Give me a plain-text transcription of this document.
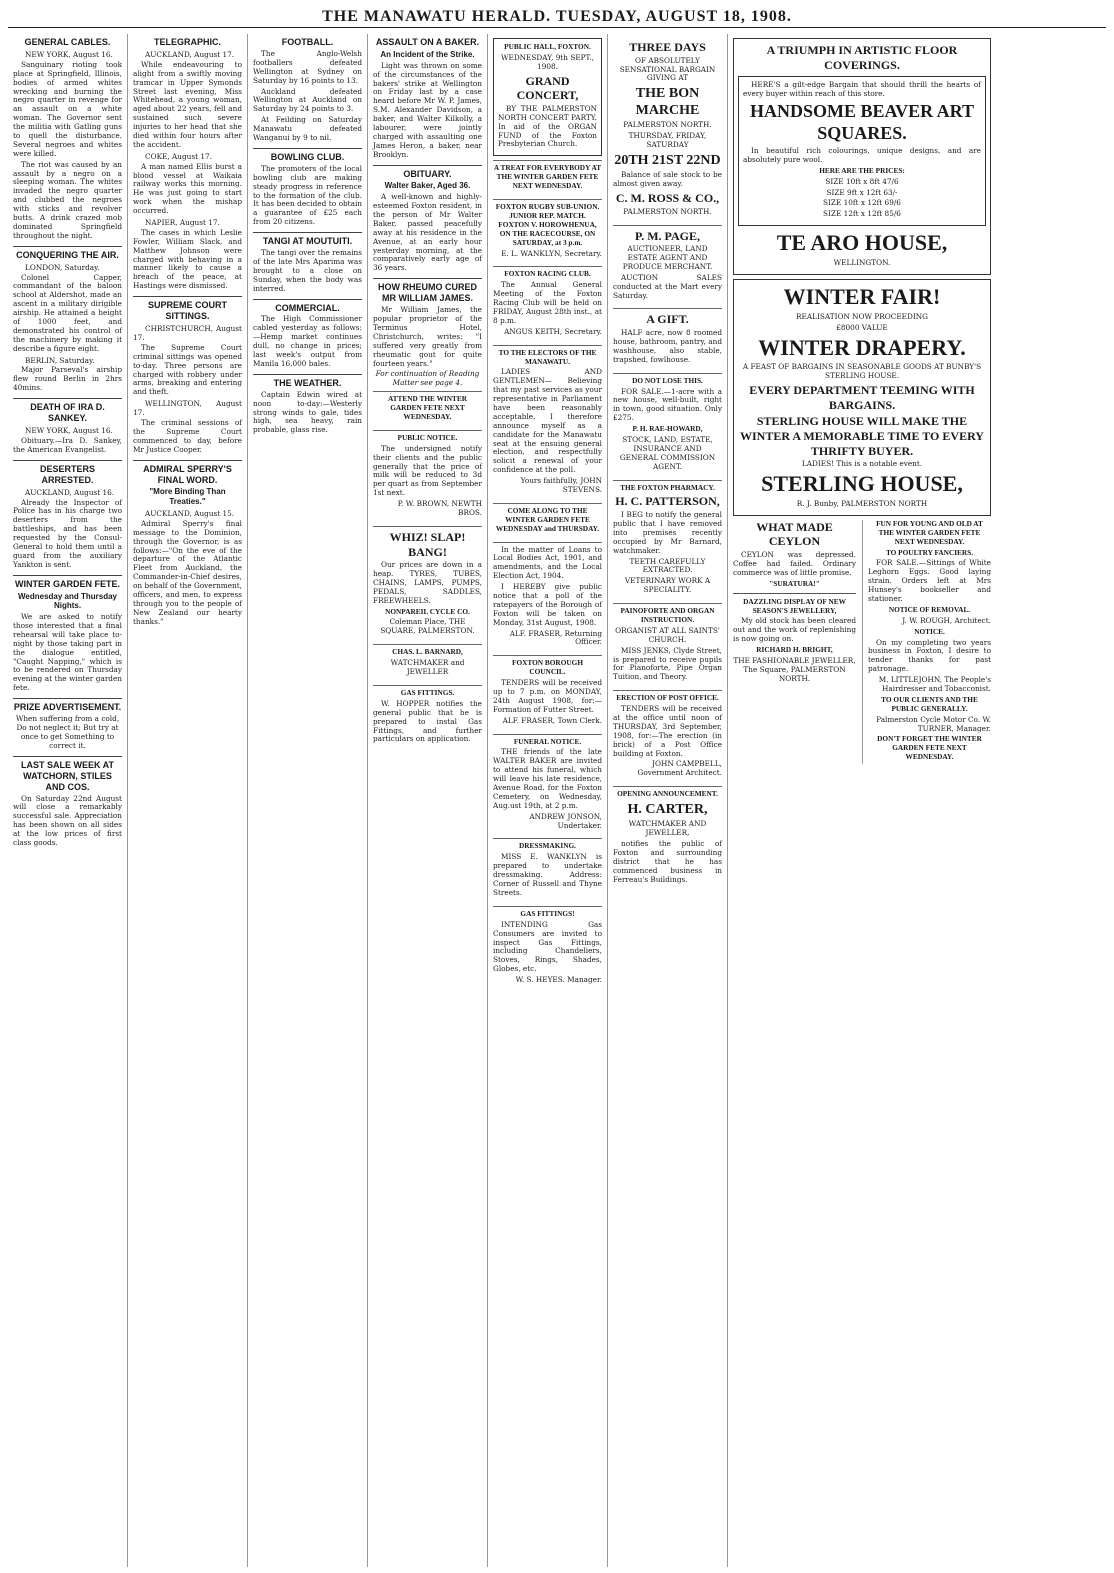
THE MANAWATU HERALD. TUESDAY, AUGUST 18, 1908.
GENERAL CABLES.
NEW YORK, August 16.

Sanguinary rioting took place at Springfield, Illinois, bodies of armed whites wrecking and burning the negro quarter in revenge for an assault on a white woman. The Governor sent the militia with Gatling guns to quell the disturbance. Several negroes and whites were killed.

The riot was caused by an assault by a negro on a sleeping woman. The whites invaded the negro quarter and clubbed the negroes with sticks and revolver butts. A drink crazed mob dominated Springfield throughout the night.

CONQUERING THE AIR.
LONDON, Saturday.

Colonel Capper, commandant of the baloon school at Aldershot, made an ascent in a military dirigible airship. He attained a height of 1000 feet, and demonstrated his control of the machinery by making it describe a figure eight.

BERLIN, Saturday.

Major Parseval's airship flew round Berlin in 2hrs 40mins.

DEATH OF IRA D. SANKEY.
NEW YORK, August 16.

Obituary.—Ira D. Sankey, the American Evangelist.

DESERTERS ARRESTED.
AUCKLAND, August 16.

Already the Inspector of Police has in his charge two deserters from the battleships, and has been requested by the Consul-General to hold them until a guard from the auxiliary Yankton is sent.

WINTER GARDEN FETE.
Wednesday and Thursday Nights.

We are asked to notify those interested that a final rehearsal will take place to-night by those taking part in the dialogue entitled, "Caught Napping," which is to be rendered on Thursday evening at the winter garden fete.

PRIZE ADVERTISEMENT.

When suffering from a cold, Do not neglect it; But try at once to get Something to correct it.

LAST SALE WEEK AT WATCHORN, STILES AND COS.

On Saturday 22nd August will close a remarkably successful sale. Appreciation has been shown on all sides at the low prices of first class goods.

TELEGRAPHIC.
AUCKLAND, August 17.

While endeavouring to alight from a swiftly moving tramcar in Upper Symonds Street last evening, Miss Whitehead, a young woman, aged about 22 years, fell and sustained such severe injuries to her head that she died within four hours after the accident.

COKE, August 17.

A man named Ellis burst a blood vessel at Waikaia railway works this morning. He was just going to start work when the mishap occurred.

NAPIER, August 17.

The cases in which Leslie Fowler, William Slack, and Matthew Johnson were charged with behaving in a manner likely to cause a breach of the peace, at Hastings were dismissed.

SUPREME COURT SITTINGS.
CHRISTCHURCH, August 17.

The Supreme Court criminal sittings was opened to-day. Three persons are charged with robbery under arms, breaking and entering and theft.

WELLINGTON, August 17.

The criminal sessions of the Supreme Court commenced to day, before Mr Justice Cooper.

ADMIRAL SPERRY'S FINAL WORD.
"More Binding Than Treaties."
AUCKLAND, August 15.

Admiral Sperry's final message to the Dominion, through the Governor, is as follows:—"On the eve of the departure of the Atlantic Fleet from Auckland, the Commander-in-Chief desires, on behalf of the Government, officers, and men, to express through you to the people of New Zealand our hearty thanks."

FOOTBALL.

The Anglo-Welsh footballers defeated Wellington at Sydney on Saturday by 16 points to 13.

Auckland defeated Wellington at Auckland on Saturday by 24 points to 3.

At Feilding on Saturday Manawatu defeated Wanganui by 9 to nil.

BOWLING CLUB.

The promoters of the local bowling club are making steady progress in reference to the formation of the club. It has been decided to obtain a guarantee of £25 each from 20 citizens.

TANGI AT MOUTUITI.

The tangi over the remains of the late Mrs Aparima was brought to a close on Sunday, when the body was interred.

COMMERCIAL.

The High Commissioner cabled yesterday as follows:—Hemp market continues dull, no change in prices; last week's output from Manila 16,000 bales.

THE WEATHER.

Captain Edwin wired at noon to-day:—Westerly strong winds to gale, tides high, sea heavy, rain probable, glass rise.

ASSAULT ON A BAKER.
An Incident of the Strike.

Light was thrown on some of the circumstances of the bakers' strike at Wellington on Friday last by a case heard before Mr W. P. James, S.M. Alexander Davidson, a baker, and Walter Kilkolly, a labourer, were jointly charged with assaulting one James Heron, a baker, near Brooklyn.

OBITUARY.
Walter Baker, Aged 36.

A well-known and highly-esteemed Foxton resident, in the person of Mr Walter Baker, passed peacefully away at his residence in the Avenue, at an early hour yesterday morning, at the comparatively early age of 36 years.

HOW RHEUMO CURED MR WILLIAM JAMES.

Mr William James, the popular proprietor of the Terminus Hotel, Christchurch, writes: "I suffered very greatly from rheumatic gout for quite fourteen years."

For continuation of Reading Matter see page 4.

ATTEND THE WINTER GARDEN FETE NEXT WEDNESDAY.

PUBLIC NOTICE.

The undersigned notify their clients and the public generally that the price of milk will be reduced to 3d per quart as from September 1st next.

P. W. BROWN, NEWTH BROS.

WHIZ! SLAP! BANG!

Our prices are down in a heap. TYRES, TUBES, CHAINS, LAMPS, PUMPS, PEDALS, SADDLES, FREEWHEELS.

NONPAREIL CYCLE CO.

Coleman Place, THE SQUARE, PALMERSTON.

CHAS. L. BARNARD,

WATCHMAKER and JEWELLER

GAS FITTINGS.

W. HOPPER notifies the general public that he is prepared to instal Gas Fittings, and further particulars on application.

PUBLIC HALL, FOXTON.

WEDNESDAY, 9th SEPT., 1908.

GRAND CONCERT,

BY THE PALMERSTON NORTH CONCERT PARTY. In aid of the ORGAN FUND of the Foxton Presbyterian Church.

A TREAT FOR EVERYBODY AT THE WINTER GARDEN FETE NEXT WEDNESDAY.

FOXTON RUGBY SUB-UNION. JUNIOR REP. MATCH. FOXTON V. HOROWHENUA, ON THE RACECOURSE, ON SATURDAY, at 3 p.m.

E. L. WANKLYN, Secretary.

FOXTON RACING CLUB.

The Annual General Meeting of the Foxton Racing Club will be held on FRIDAY, August 28th inst., at 8 p.m.

ANGUS KEITH, Secretary.

TO THE ELECTORS OF THE MANAWATU.

LADIES AND GENTLEMEN— Believing that my past services as your representative in Parliament have been reasonably acceptable, I therefore announce myself as a candidate for the Manawatu seat at the ensuing general election, and respectfully solicit a renewal of your confidence at the poll.

Yours faithfully, JOHN STEVENS.

COME ALONG TO THE WINTER GARDEN FETE WEDNESDAY and THURSDAY.

In the matter of Loans to Local Bodies Act, 1901, and amendments, and the Local Election Act, 1904.

I HEREBY give public notice that a poll of the ratepayers of the Borough of Foxton will be taken on Monday, 31st August, 1908.

ALF. FRASER, Returning Officer.

FOXTON BOROUGH COUNCIL.

TENDERS will be received up to 7 p.m. on MONDAY, 24th August 1908, for:—Formation of Futter Street.

ALF. FRASER, Town Clerk.

FUNERAL NOTICE.

THE friends of the late WALTER BAKER are invited to attend his funeral, which will leave his late residence, Avenue Road, for the Foxton Cemetery, on Wednesday, Aug.ust 19th, at 2 p.m.

ANDREW JONSON, Undertaker.

DRESSMAKING.

MISS E. WANKLYN is prepared to undertake dressmaking. Address: Corner of Russell and Thyne Streets.

GAS FITTINGS!

INTENDING Gas Consumers are invited to inspect Gas Fittings, including Chandeliers, Stoves, Rings, Shades, Globes, etc.

W. S. HEYES. Manager.

THREE DAYS

OF ABSOLUTELY SENSATIONAL BARGAIN GIVING AT

THE BON MARCHE

PALMERSTON NORTH.

THURSDAY, FRIDAY, SATURDAY

20TH 21ST 22ND

Balance of sale stock to be almost given away.

C. M. ROSS & CO.,

PALMERSTON NORTH.

P. M. PAGE,

AUCTIONEER, LAND ESTATE AGENT AND PRODUCE MERCHANT.

AUCTION SALES conducted at the Mart every Saturday.

A GIFT.

HALF acre, now 8 roomed house, bathroom, pantry, and washhouse, also stable, trapshed, fowlhouse.

DO NOT LOSE THIS.

FOR SALE.—1-acre with a new house, well-built, right in town, good situation. Only £275.

P. H. RAE-HOWARD,

STOCK, LAND, ESTATE, INSURANCE AND GENERAL COMMISSION AGENT.

THE FOXTON PHARMACY.

H. C. PATTERSON,

I BEG to notify the general public that I have removed into premises recently occupied by Mr Barnard, watchmaker.

TEETH CAREFULLY EXTRACTED.

VETERINARY WORK A SPECIALITY.

PAINOFORTE AND ORGAN INSTRUCTION.

ORGANIST AT ALL SAINTS' CHURCH.

MISS JENKS, Clyde Street, is prepared to receive pupils for Pianoforte, Pipe Organ Tuition, and Theory.

ERECTION OF POST OFFICE.

TENDERS will be received at the office until noon of THURSDAY, 3rd September, 1908, for:—The erection (in brick) of a Post Office building at Foxton.

JOHN CAMPBELL, Government Architect.

OPENING ANNOUNCEMENT.

H. CARTER,

WATCHMAKER AND JEWELLER,

notifies the public of Foxton and surrounding district that he has commenced business in Ferreau's Buildings.

A TRIUMPH IN ARTISTIC FLOOR COVERINGS.

HERE'S a gilt-edge Bargain that should thrill the hearts of every buyer within reach of this store.

HANDSOME BEAVER ART SQUARES.

In beautiful rich colourings, unique designs, and are absolutely pure wool.

HERE ARE THE PRICES:

SIZE 10ft x 8ft 47/6

SIZE 9ft x 12ft 63/-

SIZE 10ft x 12ft 69/6

SIZE 12ft x 12ft 85/6

TE ARO HOUSE,

WELLINGTON.

WINTER FAIR!

REALISATION NOW PROCEEDING

£8000 VALUE

WINTER DRAPERY.

A FEAST OF BARGAINS IN SEASONABLE GOODS AT BUNBY'S STERLING HOUSE.

EVERY DEPARTMENT TEEMING WITH BARGAINS.

STERLING HOUSE WILL MAKE THE WINTER A MEMORABLE TIME TO EVERY THRIFTY BUYER.

LADIES! This is a notable event.

STERLING HOUSE,

R. J. Bunby, PALMERSTON NORTH

WHAT MADE CEYLON

CEYLON was depressed. Coffee had failed. Ordinary commerce was of little promise.

"SURATURA!"

DAZZLING DISPLAY OF NEW SEASON'S JEWELLERY,

My old stock has been cleared out and the work of replenishing is now going on.

RICHARD H. BRIGHT,

THE FASHIONABLE JEWELLER, The Square, PALMERSTON NORTH.

FUN FOR YOUNG AND OLD AT THE WINTER GARDEN FETE NEXT WEDNESDAY.

TO POULTRY FANCIERS.

FOR SALE.—Sittings of White Leghorn Eggs. Good laying strain. Orders left at Mrs Hunsey's bookseller and stationer.

NOTICE OF REMOVAL.

J. W. ROUGH, Architect.

NOTICE.

On my completing two years business in Foxton, I desire to tender thanks for past patronage.

M. LITTLEJOHN, The People's Hairdresser and Tobacconist.

TO OUR CLIENTS AND THE PUBLIC GENERALLY.

Palmerston Cycle Motor Co. W. TURNER, Manager.

DON'T FORGET THE WINTER GARDEN FETE NEXT WEDNESDAY.
